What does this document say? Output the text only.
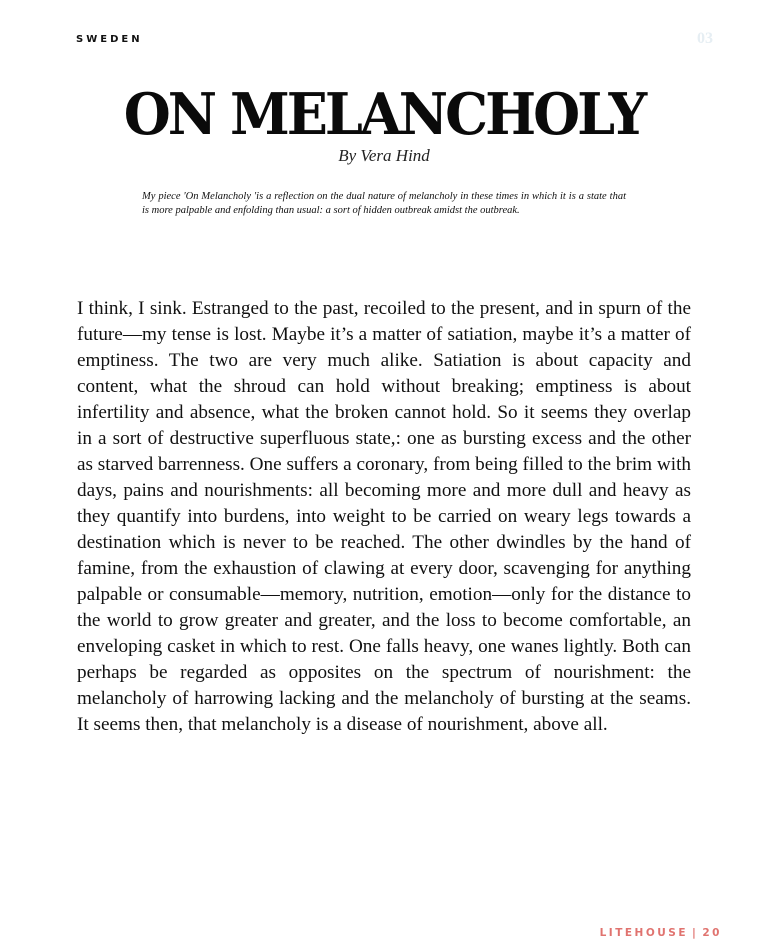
SWEDEN	03
ON MELANCHOLY
By Vera Hind
My piece 'On Melancholy 'is a reflection on the dual nature of melancholy in these times in which it is a state that is more palpable and enfolding than usual: a sort of hidden outbreak amidst the outbreak.

I think, I sink. Estranged to the past, recoiled to the present, and in spurn of the future—my tense is lost. Maybe it’s a matter of satiation, maybe it’s a matter of emptiness. The two are very much alike. Satiation is about capacity and content, what the shroud can hold without breaking; emptiness is about infertility and absence, what the broken cannot hold. So it seems they overlap in a sort of destructive superfluous state,: one as bursting excess and the other as starved barrenness. One suffers a coronary, from being filled to the brim with days, pains and nourishments: all becoming more and more dull and heavy as they quantify into burdens, into weight to be carried on weary legs towards a destination which is never to be reached. The other dwindles by the hand of famine, from the exhaustion of clawing at every door, scavenging for anything palpable or consumable—memory, nutrition, emotion—only for the distance to the world to grow greater and greater, and the loss to become comfortable, an enveloping casket in which to rest. One falls heavy, one wanes lightly. Both can perhaps be regarded as opposites on the spectrum of nourishment: the melancholy of harrowing lacking and the melancholy of bursting at the seams. It seems then, that melancholy is a disease of nourishment, above all.

LITEHOUSE | 20
